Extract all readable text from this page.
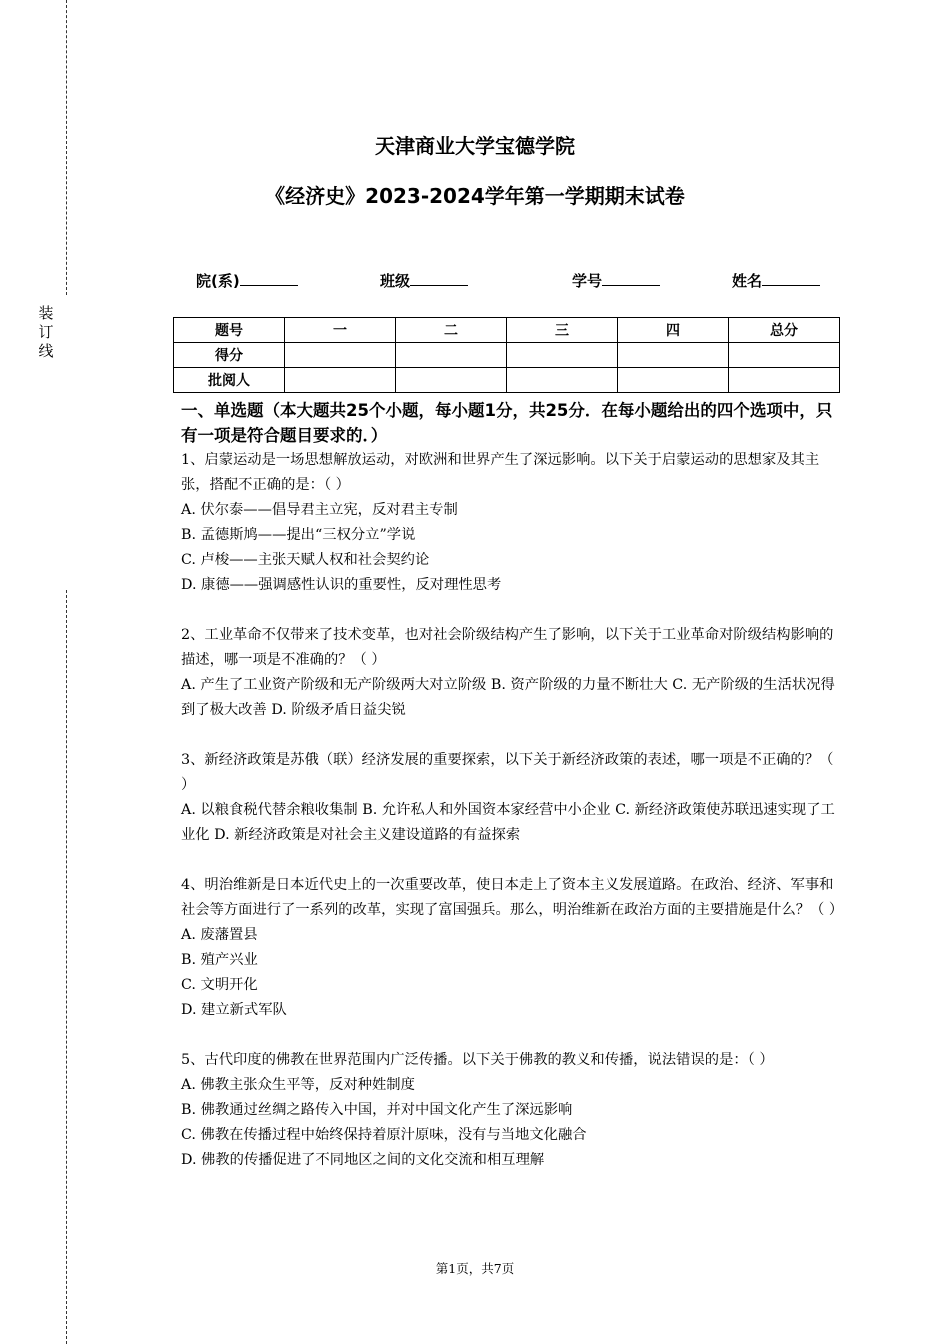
装订线
天津商业大学宝德学院
《经济史》2023-2024学年第一学期期末试卷
院(系)	班级	学号	姓名
题号	一	二	三	四	总分
得分					
批阅人					
一、单选题（本大题共25个小题，每小题1分，共25分．在每小题给出的四个选项中，只有一项是符合题目要求的．）
1、启蒙运动是一场思想解放运动，对欧洲和世界产生了深远影响。以下关于启蒙运动的思想家及其主张，搭配不正确的是：（ ）
A. 伏尔泰——倡导君主立宪，反对君主专制
B. 孟德斯鸠——提出“三权分立”学说
C. 卢梭——主张天赋人权和社会契约论
D. 康德——强调感性认识的重要性，反对理性思考
2、工业革命不仅带来了技术变革，也对社会阶级结构产生了影响，以下关于工业革命对阶级结构影响的描述，哪一项是不准确的？（ ）
A. 产生了工业资产阶级和无产阶级两大对立阶级 B. 资产阶级的力量不断壮大 C. 无产阶级的生活状况得到了极大改善 D. 阶级矛盾日益尖锐
3、新经济政策是苏俄（联）经济发展的重要探索，以下关于新经济政策的表述，哪一项是不正确的？（ ）
A. 以粮食税代替余粮收集制 B. 允许私人和外国资本家经营中小企业 C. 新经济政策使苏联迅速实现了工业化 D. 新经济政策是对社会主义建设道路的有益探索
4、明治维新是日本近代史上的一次重要改革，使日本走上了资本主义发展道路。在政治、经济、军事和社会等方面进行了一系列的改革，实现了富国强兵。那么，明治维新在政治方面的主要措施是什么？（ ）
A. 废藩置县
B. 殖产兴业
C. 文明开化
D. 建立新式军队
5、古代印度的佛教在世界范围内广泛传播。以下关于佛教的教义和传播，说法错误的是：（ ）
A. 佛教主张众生平等，反对种姓制度
B. 佛教通过丝绸之路传入中国，并对中国文化产生了深远影响
C. 佛教在传播过程中始终保持着原汁原味，没有与当地文化融合
D. 佛教的传播促进了不同地区之间的文化交流和相互理解
第1页，共7页
